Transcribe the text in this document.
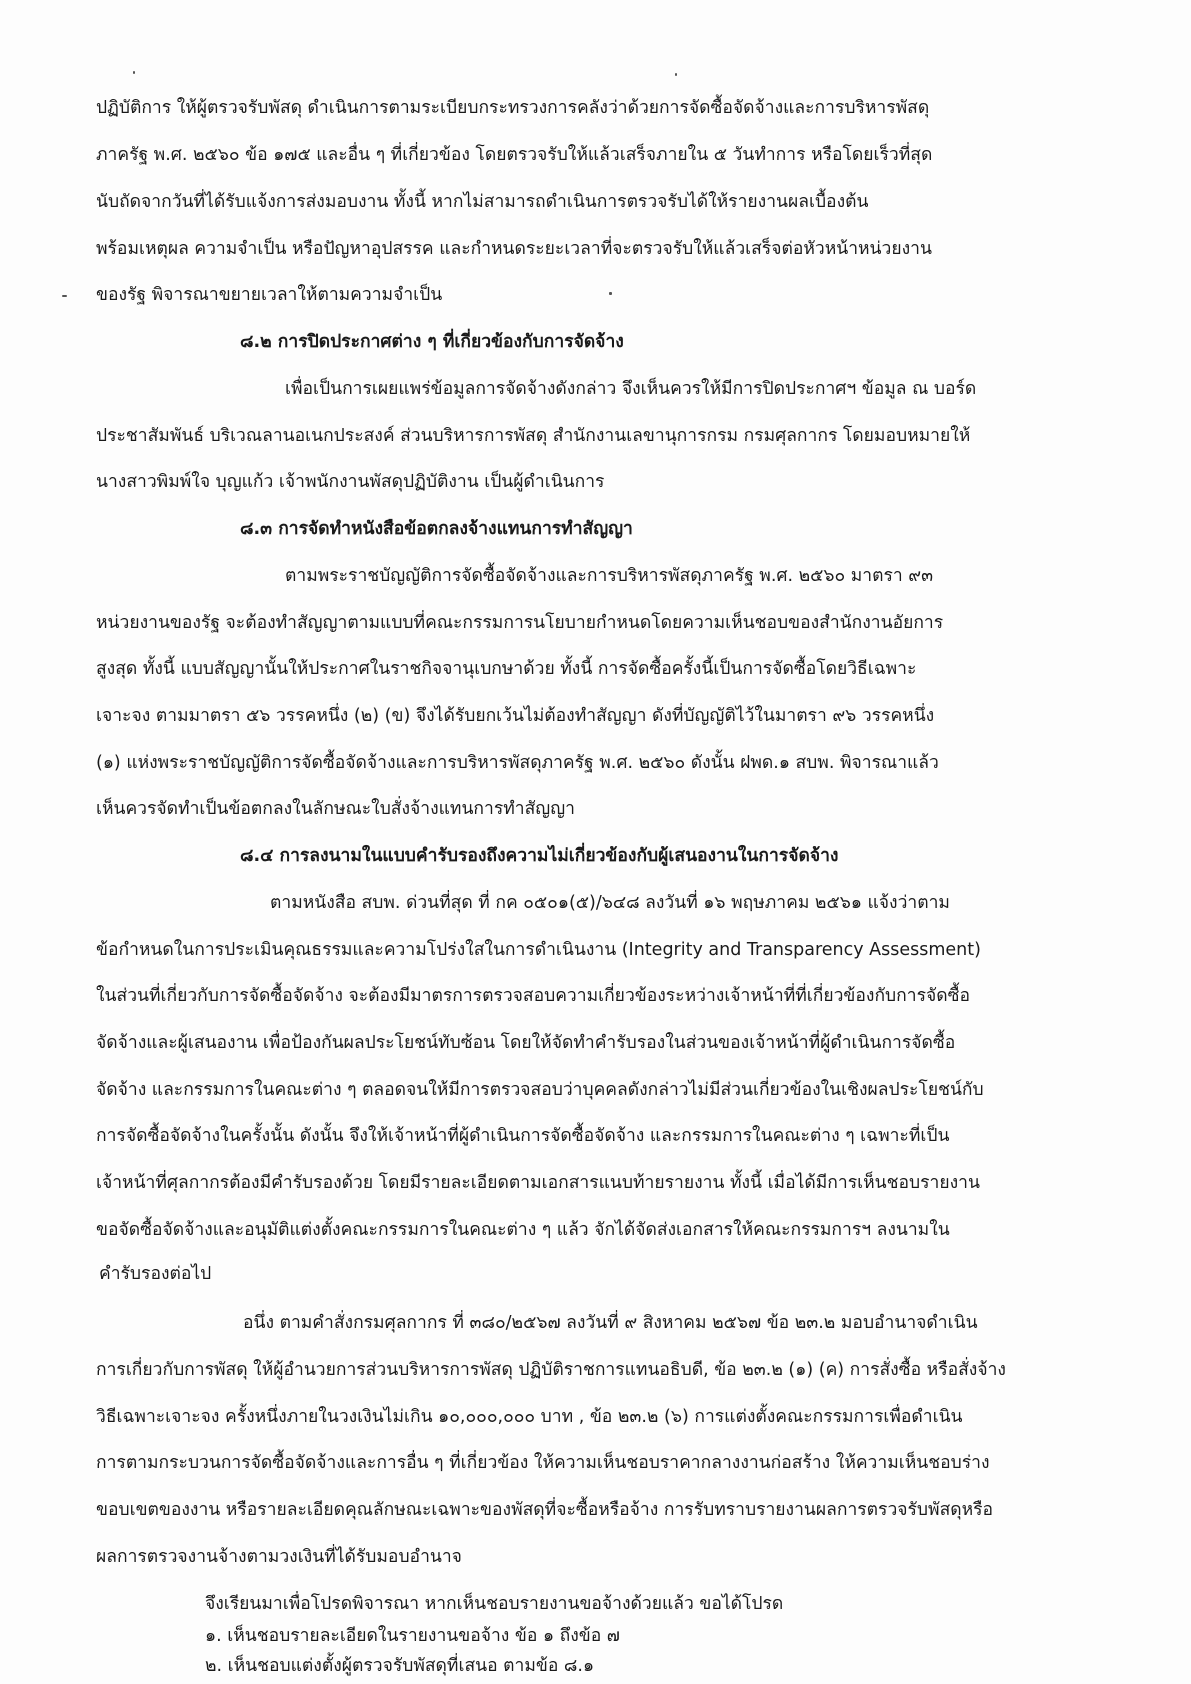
ปฏิบัติการ ให้ผู้ตรวจรับพัสดุ ดำเนินการตามระเบียบกระทรวงการคลังว่าด้วยการจัดซื้อจัดจ้างและการบริหารพัสดุ
ภาครัฐ พ.ศ. ๒๕๖๐ ข้อ ๑๗๕ และอื่น ๆ ที่เกี่ยวข้อง โดยตรวจรับให้แล้วเสร็จภายใน ๕ วันทำการ หรือโดยเร็วที่สุด
นับถัดจากวันที่ได้รับแจ้งการส่งมอบงาน ทั้งนี้ หากไม่สามารถดำเนินการตรวจรับได้ให้รายงานผลเบื้องต้น
พร้อมเหตุผล ความจำเป็น หรือปัญหาอุปสรรค และกำหนดระยะเวลาที่จะตรวจรับให้แล้วเสร็จต่อหัวหน้าหน่วยงาน
ของรัฐ พิจารณาขยายเวลาให้ตามความจำเป็น
๘.๒ การปิดประกาศต่าง ๆ ที่เกี่ยวข้องกับการจัดจ้าง
เพื่อเป็นการเผยแพร่ข้อมูลการจัดจ้างดังกล่าว จึงเห็นควรให้มีการปิดประกาศฯ ข้อมูล ณ บอร์ด
ประชาสัมพันธ์ บริเวณลานอเนกประสงค์ ส่วนบริหารการพัสดุ สำนักงานเลขานุการกรม กรมศุลกากร โดยมอบหมายให้
นางสาวพิมพ์ใจ บุญแก้ว เจ้าพนักงานพัสดุปฏิบัติงาน เป็นผู้ดำเนินการ
๘.๓ การจัดทำหนังสือข้อตกลงจ้างแทนการทำสัญญา
ตามพระราชบัญญัติการจัดซื้อจัดจ้างและการบริหารพัสดุภาครัฐ พ.ศ. ๒๕๖๐ มาตรา ๙๓
หน่วยงานของรัฐ จะต้องทำสัญญาตามแบบที่คณะกรรมการนโยบายกำหนดโดยความเห็นชอบของสำนักงานอัยการ
สูงสุด ทั้งนี้ แบบสัญญานั้นให้ประกาศในราชกิจจานุเบกษาด้วย ทั้งนี้ การจัดซื้อครั้งนี้เป็นการจัดซื้อโดยวิธีเฉพาะ
เจาะจง ตามมาตรา ๕๖ วรรคหนึ่ง (๒) (ข) จึงได้รับยกเว้นไม่ต้องทำสัญญา ดังที่บัญญัติไว้ในมาตรา ๙๖ วรรคหนึ่ง
(๑) แห่งพระราชบัญญัติการจัดซื้อจัดจ้างและการบริหารพัสดุภาครัฐ พ.ศ. ๒๕๖๐ ดังนั้น ฝพด.๑ สบพ. พิจารณาแล้ว
เห็นควรจัดทำเป็นข้อตกลงในลักษณะใบสั่งจ้างแทนการทำสัญญา
๘.๔ การลงนามในแบบคำรับรองถึงความไม่เกี่ยวข้องกับผู้เสนองานในการจัดจ้าง
ตามหนังสือ สบพ. ด่วนที่สุด ที่ กค ๐๕๐๑(๕)/๖๔๘ ลงวันที่ ๑๖ พฤษภาคม ๒๕๖๑ แจ้งว่าตาม
ข้อกำหนดในการประเมินคุณธรรมและความโปร่งใสในการดำเนินงาน (Integrity and Transparency Assessment)
ในส่วนที่เกี่ยวกับการจัดซื้อจัดจ้าง จะต้องมีมาตรการตรวจสอบความเกี่ยวข้องระหว่างเจ้าหน้าที่ที่เกี่ยวข้องกับการจัดซื้อ
จัดจ้างและผู้เสนองาน เพื่อป้องกันผลประโยชน์ทับซ้อน โดยให้จัดทำคำรับรองในส่วนของเจ้าหน้าที่ผู้ดำเนินการจัดซื้อ
จัดจ้าง และกรรมการในคณะต่าง ๆ ตลอดจนให้มีการตรวจสอบว่าบุคคลดังกล่าวไม่มีส่วนเกี่ยวข้องในเชิงผลประโยชน์กับ
การจัดซื้อจัดจ้างในครั้งนั้น ดังนั้น จึงให้เจ้าหน้าที่ผู้ดำเนินการจัดซื้อจัดจ้าง และกรรมการในคณะต่าง ๆ เฉพาะที่เป็น
เจ้าหน้าที่ศุลกากรต้องมีคำรับรองด้วย โดยมีรายละเอียดตามเอกสารแนบท้ายรายงาน ทั้งนี้ เมื่อได้มีการเห็นชอบรายงาน
ขอจัดซื้อจัดจ้างและอนุมัติแต่งตั้งคณะกรรมการในคณะต่าง ๆ แล้ว จักได้จัดส่งเอกสารให้คณะกรรมการฯ ลงนามใน
คำรับรองต่อไป
อนึ่ง ตามคำสั่งกรมศุลกากร ที่ ๓๘๐/๒๕๖๗ ลงวันที่ ๙ สิงหาคม ๒๕๖๗ ข้อ ๒๓.๒ มอบอำนาจดำเนิน
การเกี่ยวกับการพัสดุ ให้ผู้อำนวยการส่วนบริหารการพัสดุ ปฏิบัติราชการแทนอธิบดี, ข้อ ๒๓.๒ (๑) (ค) การสั่งซื้อ หรือสั่งจ้าง
วิธีเฉพาะเจาะจง ครั้งหนึ่งภายในวงเงินไม่เกิน ๑๐,๐๐๐,๐๐๐ บาท , ข้อ ๒๓.๒ (๖) การแต่งตั้งคณะกรรมการเพื่อดำเนิน
การตามกระบวนการจัดซื้อจัดจ้างและการอื่น ๆ ที่เกี่ยวข้อง ให้ความเห็นชอบราคากลางงานก่อสร้าง ให้ความเห็นชอบร่าง
ขอบเขตของงาน หรือรายละเอียดคุณลักษณะเฉพาะของพัสดุที่จะซื้อหรือจ้าง การรับทราบรายงานผลการตรวจรับพัสดุหรือ
ผลการตรวจงานจ้างตามวงเงินที่ได้รับมอบอำนาจ
จึงเรียนมาเพื่อโปรดพิจารณา หากเห็นชอบรายงานขอจ้างด้วยแล้ว ขอได้โปรด
๑. เห็นชอบรายละเอียดในรายงานขอจ้าง ข้อ ๑ ถึงข้อ ๗
๒. เห็นชอบแต่งตั้งผู้ตรวจรับพัสดุที่เสนอ ตามข้อ ๘.๑
